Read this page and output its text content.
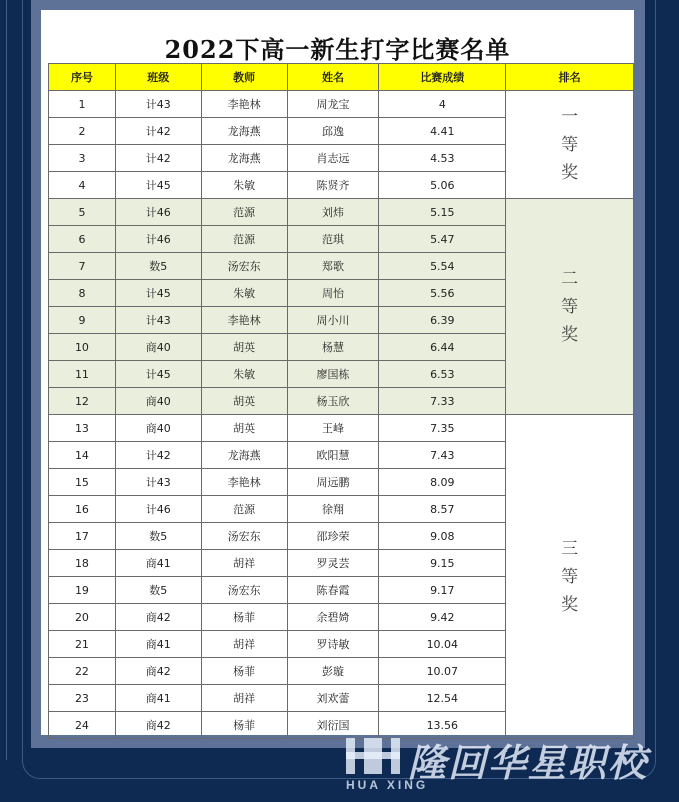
2022下高一新生打字比赛名单
序号	班级	教师	姓名	比赛成绩	排名
1	计43	李艳林	周龙宝	4	一等奖

2	计42	龙海燕	邱逸	4.41	
3	计42	龙海燕	肖志远	4.53	
4	计45	朱敏	陈贤齐	5.06	
5	计46	范源	刘炜	5.15	二等奖

6	计46	范源	范琪	5.47	
7	数5	汤宏东	郑歌	5.54	
8	计45	朱敏	周怡	5.56	
9	计43	李艳林	周小川	6.39	
10	商40	胡英	杨慧	6.44	
11	计45	朱敏	廖国栋	6.53	
12	商40	胡英	杨玉欣	7.33	
13	商40	胡英	王峰	7.35	三等奖

14	计42	龙海燕	欧阳慧	7.43	
15	计43	李艳林	周远鹏	8.09	
16	计46	范源	徐翔	8.57	
17	数5	汤宏东	邵珍荣	9.08	
18	商41	胡祥	罗灵芸	9.15	
19	数5	汤宏东	陈春霞	9.17	
20	商42	杨菲	余碧婍	9.42	
21	商41	胡祥	罗诗敏	10.04	
22	商42	杨菲	彭璇	10.07	
23	商41	胡祥	刘欢蕾	12.54	
24	商42	杨菲	刘衍国	13.56	
隆回华星职校
HUA XING
